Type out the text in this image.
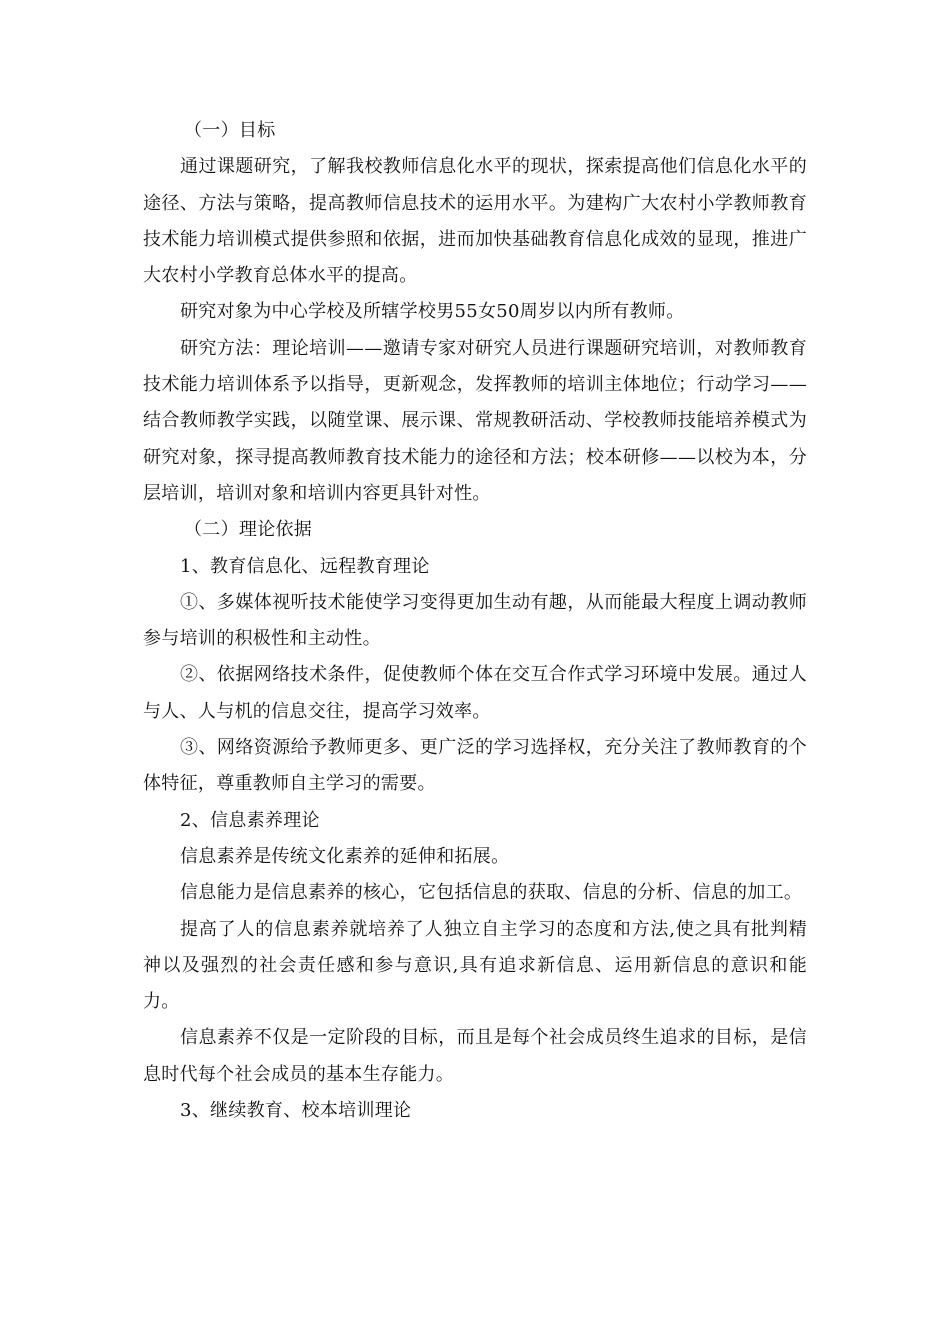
（一）目标

通过课题研究，了解我校教师信息化水平的现状，探索提高他们信息化水平的途径、方法与策略，提高教师信息技术的运用水平。为建构广大农村小学教师教育技术能力培训模式提供参照和依据，进而加快基础教育信息化成效的显现，推进广大农村小学教育总体水平的提高。

研究对象为中心学校及所辖学校男55女50周岁以内所有教师。

研究方法：理论培训——邀请专家对研究人员进行课题研究培训，对教师教育技术能力培训体系予以指导，更新观念，发挥教师的培训主体地位；行动学习——结合教师教学实践，以随堂课、展示课、常规教研活动、学校教师技能培养模式为研究对象，探寻提高教师教育技术能力的途径和方法；校本研修——以校为本，分层培训，培训对象和培训内容更具针对性。

（二）理论依据

1、教育信息化、远程教育理论

①、多媒体视听技术能使学习变得更加生动有趣，从而能最大程度上调动教师参与培训的积极性和主动性。

②、依据网络技术条件，促使教师个体在交互合作式学习环境中发展。通过人与人、人与机的信息交往，提高学习效率。

③、网络资源给予教师更多、更广泛的学习选择权，充分关注了教师教育的个体特征，尊重教师自主学习的需要。

2、信息素养理论

信息素养是传统文化素养的延伸和拓展。

信息能力是信息素养的核心，它包括信息的获取、信息的分析、信息的加工。

提高了人的信息素养就培养了人独立自主学习的态度和方法,使之具有批判精神以及强烈的社会责任感和参与意识,具有追求新信息、运用新信息的意识和能力。

信息素养不仅是一定阶段的目标，而且是每个社会成员终生追求的目标，是信息时代每个社会成员的基本生存能力。

3、继续教育、校本培训理论
